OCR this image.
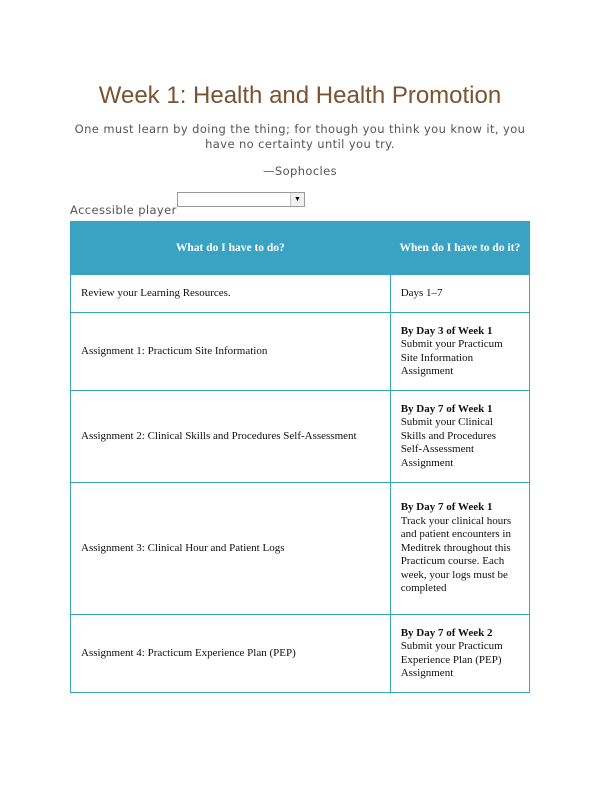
Week 1: Health and Health Promotion
One must learn by doing the thing; for though you think you know it, you have no certainty until you try.
—Sophocles
Accessible player
▼
What do I have to do?	When do I have to do it?
Review your Learning Resources.	Days 1–7
Assignment 1: Practicum Site Information	By Day 3 of Week 1
Submit your Practicum Site Information Assignment
Assignment 2: Clinical Skills and Procedures Self-Assessment	By Day 7 of Week 1
Submit your Clinical Skills and Procedures Self-Assessment Assignment
Assignment 3: Clinical Hour and Patient Logs	By Day 7 of Week 1
Track your clinical hours and patient encounters in Meditrek throughout this Practicum course. Each week, your logs must be completed
Assignment 4: Practicum Experience Plan (PEP)	By Day 7 of Week 2
Submit your Practicum Experience Plan (PEP) Assignment
